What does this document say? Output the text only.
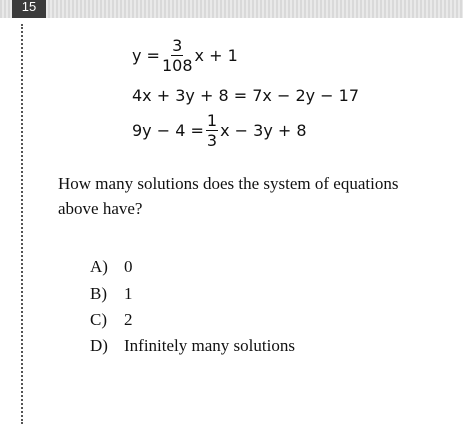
15
$y = \frac{3}{108}$ x + 1
4x + 3y + 8 = 7x − 2y − 17
$9y - 4 = \frac{1}{3}$ x − 3y + 8
How many solutions does the system of equations above have?
A) 0
B) 1
C) 2
D) Infinitely many solutions
